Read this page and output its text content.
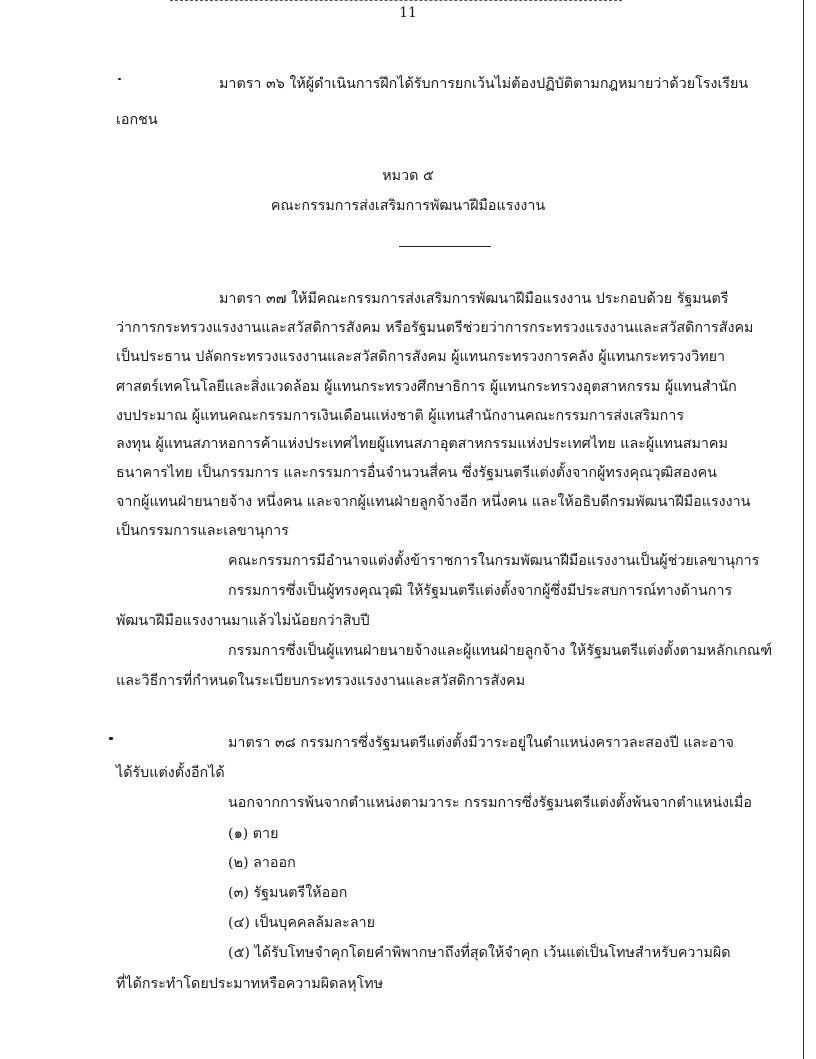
11

มาตรา ๓๖ ให้ผู้ดำเนินการฝึกได้รับการยกเว้นไม่ต้องปฏิบัติตามกฎหมายว่าด้วยโรงเรียน

เอกชน

หมวด ๕

คณะกรรมการส่งเสริมการพัฒนาฝีมือแรงงาน

มาตรา ๓๗ ให้มีคณะกรรมการส่งเสริมการพัฒนาฝีมือแรงงาน ประกอบด้วย รัฐมนตรี

ว่าการกระทรวงแรงงานและสวัสดิการสังคม หรือรัฐมนตรีช่วยว่าการกระทรวงแรงงานและสวัสดิการสังคม

เป็นประธาน ปลัดกระทรวงแรงงานและสวัสดิการสังคม ผู้แทนกระทรวงการคลัง ผู้แทนกระทรวงวิทยา

ศาสตร์เทคโนโลยีและสิ่งแวดล้อม ผู้แทนกระทรวงศึกษาธิการ ผู้แทนกระทรวงอุตสาหกรรม ผู้แทนสำนัก

งบประมาณ ผู้แทนคณะกรรมการเงินเดือนแห่งชาติ ผู้แทนสำนักงานคณะกรรมการส่งเสริมการ

ลงทุน ผู้แทนสภาหอการค้าแห่งประเทศไทยผู้แทนสภาอุตสาหกรรมแห่งประเทศไทย และผู้แทนสมาคม

ธนาคารไทย เป็นกรรมการ และกรรมการอื่นจำนวนสี่คน ซึ่งรัฐมนตรีแต่งตั้งจากผู้ทรงคุณวุฒิสองคน

จากผู้แทนฝ่ายนายจ้าง หนึ่งคน และจากผู้แทนฝ่ายลูกจ้างอีก หนึ่งคน และให้อธิบดีกรมพัฒนาฝีมือแรงงาน

เป็นกรรมการและเลขานุการ

คณะกรรมการมีอำนาจแต่งตั้งข้าราชการในกรมพัฒนาฝีมือแรงงานเป็นผู้ช่วยเลขานุการ

กรรมการซึ่งเป็นผู้ทรงคุณวุฒิ ให้รัฐมนตรีแต่งตั้งจากผู้ซึ่งมีประสบการณ์ทางด้านการ

พัฒนาฝีมือแรงงานมาแล้วไม่น้อยกว่าสิบปี

กรรมการซึ่งเป็นผู้แทนฝ่ายนายจ้างและผู้แทนฝ่ายลูกจ้าง ให้รัฐมนตรีแต่งตั้งตามหลักเกณฑ์

และวิธีการที่กำหนดในระเบียบกระทรวงแรงงานและสวัสดิการสังคม

มาตรา ๓๘ กรรมการซึ่งรัฐมนตรีแต่งตั้งมีวาระอยู่ในตำแหน่งคราวละสองปี และอาจ

ได้รับแต่งตั้งอีกได้

นอกจากการพ้นจากตำแหน่งตามวาระ กรรมการซึ่งรัฐมนตรีแต่งตั้งพ้นจากตำแหน่งเมื่อ

(๑) ตาย

(๒) ลาออก

(๓) รัฐมนตรีให้ออก

(๔) เป็นบุคคลล้มละลาย

(๕) ได้รับโทษจำคุกโดยคำพิพากษาถึงที่สุดให้จำคุก เว้นแต่เป็นโทษสำหรับความผิด

ที่ได้กระทำโดยประมาทหรือความผิดลหุโทษ
